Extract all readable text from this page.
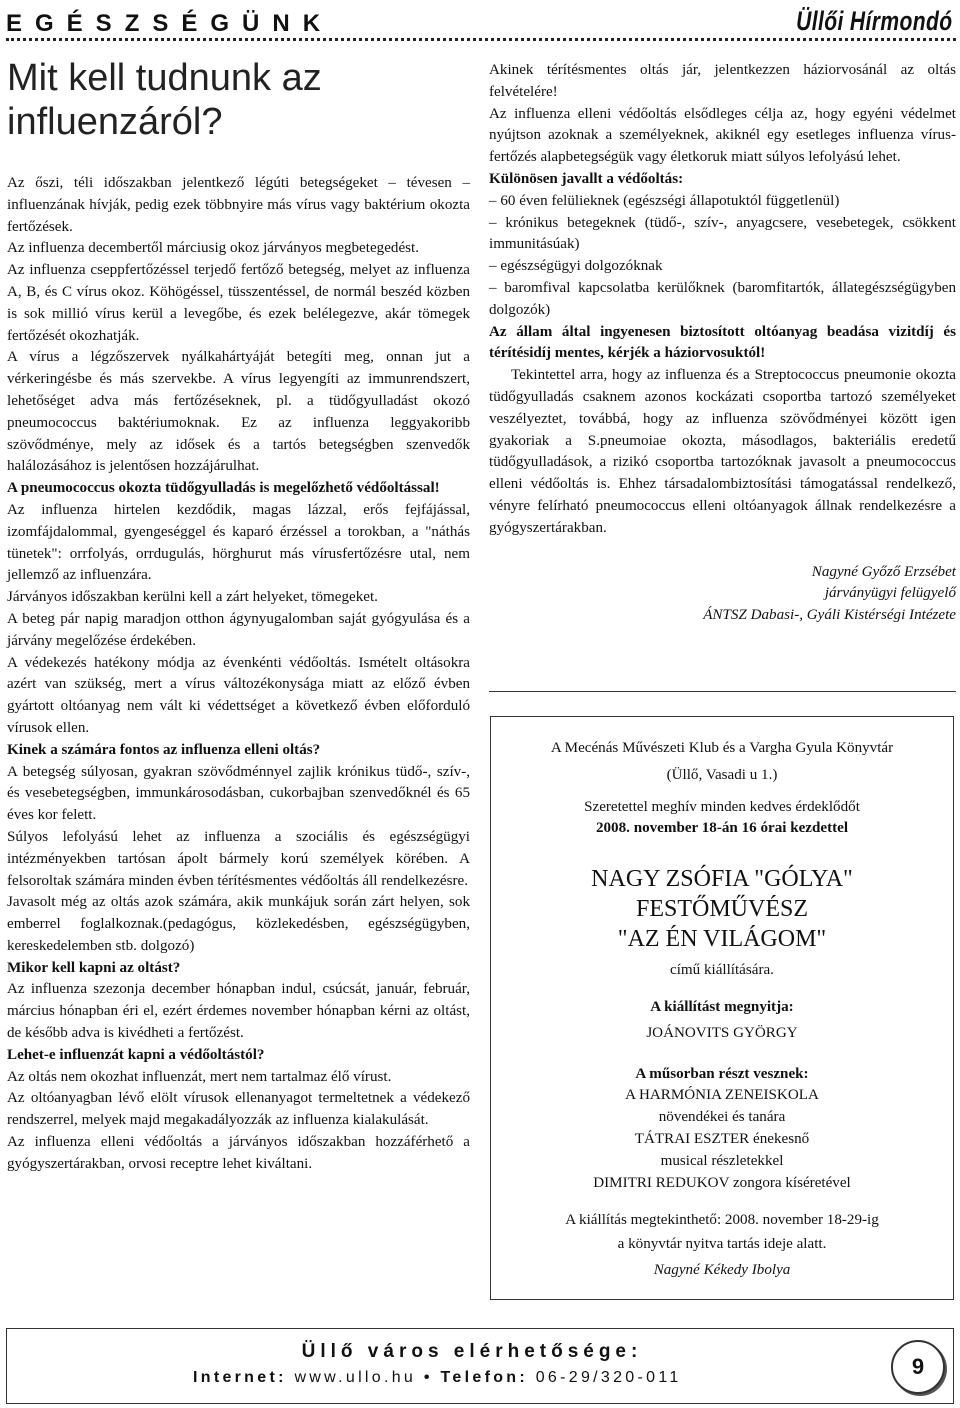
EGÉSZSÉGÜNK	Üllői Hírmondó
Mit kell tudnunk az
influenzáról?

Az őszi, téli időszakban jelentkező légúti betegségeket – tévesen – influenzának hívják, pedig ezek többnyire más vírus vagy baktérium okozta fertőzések.

Az influenza decembertől márciusig okoz járványos megbetegedést.

Az influenza cseppfertőzéssel terjedő fertőző betegség, melyet az influenza A, B, és C vírus okoz. Köhögéssel, tüsszentéssel, de normál beszéd közben is sok millió vírus kerül a levegőbe, és ezek belélegezve, akár tömegek fertőzését okozhatják.

A vírus a légzőszervek nyálkahártyáját betegíti meg, onnan jut a vérkeringésbe és más szervekbe. A vírus legyengíti az immunrendszert, lehetőséget adva más fertőzéseknek, pl. a tüdőgyulladást okozó pneumococcus baktériumoknak. Ez az influenza leggyakoribb szövődménye, mely az idősek és a tartós betegségben szenvedők halálozásához is jelentősen hozzájárulhat.

A pneumococcus okozta tüdőgyulladás is megelőzhető védőoltással!

Az influenza hirtelen kezdődik, magas lázzal, erős fejfájással, izomfájdalommal, gyengeséggel és kaparó érzéssel a torokban, a "náthás tünetek": orrfolyás, orrdugulás, hörghurut más vírusfertőzésre utal, nem jellemző az influenzára.

Járványos időszakban kerülni kell a zárt helyeket, tömegeket.

A beteg pár napig maradjon otthon ágynyugalomban saját gyógyulása és a járvány megelőzése érdekében.

A védekezés hatékony módja az évenkénti védőoltás. Ismételt oltásokra azért van szükség, mert a vírus változékonysága miatt az előző évben gyártott oltóanyag nem vált ki védettséget a következő évben előforduló vírusok ellen.

Kinek a számára fontos az influenza elleni oltás?

A betegség súlyosan, gyakran szövődménnyel zajlik krónikus tüdő-, szív-, és vesebetegségben, immunkárosodásban, cukorbajban szenvedőknél és 65 éves kor felett.

Súlyos lefolyású lehet az influenza a szociális és egészségügyi intézményekben tartósan ápolt bármely korú személyek körében. A felsoroltak számára minden évben térítésmentes védőoltás áll rendelkezésre.

Javasolt még az oltás azok számára, akik munkájuk során zárt helyen, sok emberrel foglalkoznak.(pedagógus, közlekedésben, egészségügyben, kereskedelemben stb. dolgozó)

Mikor kell kapni az oltást?

Az influenza szezonja december hónapban indul, csúcsát, január, február, március hónapban éri el, ezért érdemes november hónapban kérni az oltást, de később adva is kivédheti a fertőzést.

Lehet-e influenzát kapni a védőoltástól?

Az oltás nem okozhat influenzát, mert nem tartalmaz élő vírust.

Az oltóanyagban lévő elölt vírusok ellenanyagot termeltetnek a védekező rendszerrel, melyek majd megakadályozzák az influenza kialakulását.

Az influenza elleni védőoltás a járványos időszakban hozzáférhető a gyógyszertárakban, orvosi receptre lehet kiváltani.

Akinek térítésmentes oltás jár, jelentkezzen háziorvosánál az oltás felvételére!

Az influenza elleni védőoltás elsődleges célja az, hogy egyéni védelmet nyújtson azoknak a személyeknek, akiknél egy esetleges influenza vírus-fertőzés alapbetegségük vagy életkoruk miatt súlyos lefolyású lehet.

Különösen javallt a védőoltás:

– 60 éven felülieknek (egészségi állapotuktól függetlenül)

– krónikus betegeknek (tüdő-, szív-, anyagcsere, vesebetegek, csökkent immunitásúak)

– egészségügyi dolgozóknak

– baromfival kapcsolatba kerülőknek (baromfitartók, állategészségügyben dolgozók)

Az állam által ingyenesen biztosított oltóanyag beadása vizitdíj és térítésidíj mentes, kérjék a háziorvosuktól!

Tekintettel arra, hogy az influenza és a Streptococcus pneumonie okozta tüdőgyulladás csaknem azonos kockázati csoportba tartozó személyeket veszélyeztet, továbbá, hogy az influenza szövődményei között igen gyakoriak a S.pneumoiae okozta, másodlagos, bakteriális eredetű tüdőgyulladások, a rizikó csoportba tartozóknak javasolt a pneumococcus elleni védőoltás is. Ehhez társadalombiztosítási támogatással rendelkező, vényre felírható pneumococcus elleni oltóanyagok állnak rendelkezésre a gyógyszertárakban.

Nagyné Győző Erzsébet
járványügyi felügyelő
ÁNTSZ Dabasi-, Gyáli Kistérségi Intézete

A Mecénás Művészeti Klub és a Vargha Gyula Könyvtár

(Üllő, Vasadi u 1.)

Szeretettel meghív minden kedves érdeklődőt

2008. november 18-án 16 órai kezdettel

NAGY ZSÓFIA "GÓLYA"
FESTŐMŰVÉSZ
"AZ ÉN VILÁGOM"

című kiállítására.

A kiállítást megnyitja:

JOÁNOVITS GYÖRGY

A műsorban részt vesznek:

A HARMÓNIA ZENEISKOLA

növendékei és tanára

TÁTRAI ESZTER énekesnő

musical részletekkel

DIMITRI REDUKOV zongora kíséretével

A kiállítás megtekinthető: 2008. november 18-29-ig

a könyvtár nyitva tartás ideje alatt.

Nagyné Kékedy Ibolya

Üllő város elérhetősége:
Internet: www.ullo.hu • Telefon: 06-29/320-011	9
